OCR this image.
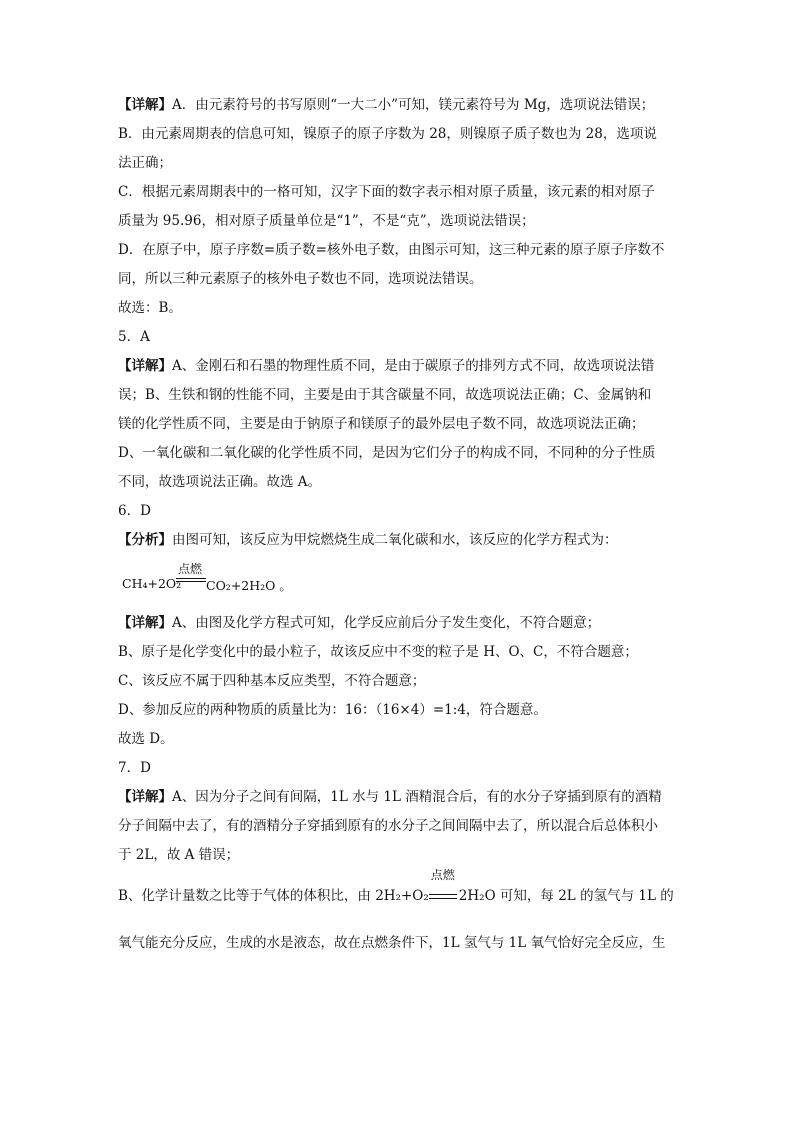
【详解】A．由元素符号的书写原则“一大二小”可知，镁元素符号为 Mg，选项说法错误；
B．由元素周期表的信息可知，镍原子的原子序数为 28，则镍原子质子数也为 28，选项说
法正确；
C．根据元素周期表中的一格可知，汉字下面的数字表示相对原子质量，该元素的相对原子
质量为 95.96，相对原子质量单位是“1”，不是“克”，选项说法错误；
D．在原子中，原子序数=质子数=核外电子数，由图示可知，这三种元素的原子原子序数不
同，所以三种元素原子的核外电子数也不同，选项说法错误。
故选：B。
5．A
【详解】A、金刚石和石墨的物理性质不同，是由于碳原子的排列方式不同，故选项说法错
误；B、生铁和钢的性能不同，主要是由于其含碳量不同，故选项说法正确；C、金属钠和
镁的化学性质不同，主要是由于钠原子和镁原子的最外层电子数不同，故选项说法正确；
D、一氧化碳和二氧化碳的化学性质不同，是因为它们分子的构成不同，不同种的分子性质
不同，故选项说法正确。故选 A。
6．D
【分析】由图可知，该反应为甲烷燃烧生成二氧化碳和水，该反应的化学方程式为：
CH₄+2O₂
点燃
CO₂+2H₂O 。
【详解】A、由图及化学方程式可知，化学反应前后分子发生变化，不符合题意；
B、原子是化学变化中的最小粒子，故该反应中不变的粒子是 H、O、C，不符合题意；
C、该反应不属于四种基本反应类型，不符合题意；
D、参加反应的两种物质的质量比为：16：（16×4）=1:4，符合题意。
故选 D。
7．D
【详解】A、因为分子之间有间隔，1L 水与 1L 酒精混合后，有的水分子穿插到原有的酒精
分子间隔中去了，有的酒精分子穿插到原有的水分子之间间隔中去了，所以混合后总体积小
于 2L，故 A 错误；
B、化学计量数之比等于气体的体积比，由 2H₂+O₂
点燃
2H₂O 可知，每 2L 的氢气与 1L 的
氧气能充分反应，生成的水是液态，故在点燃条件下，1L 氢气与 1L 氧气恰好完全反应，生
